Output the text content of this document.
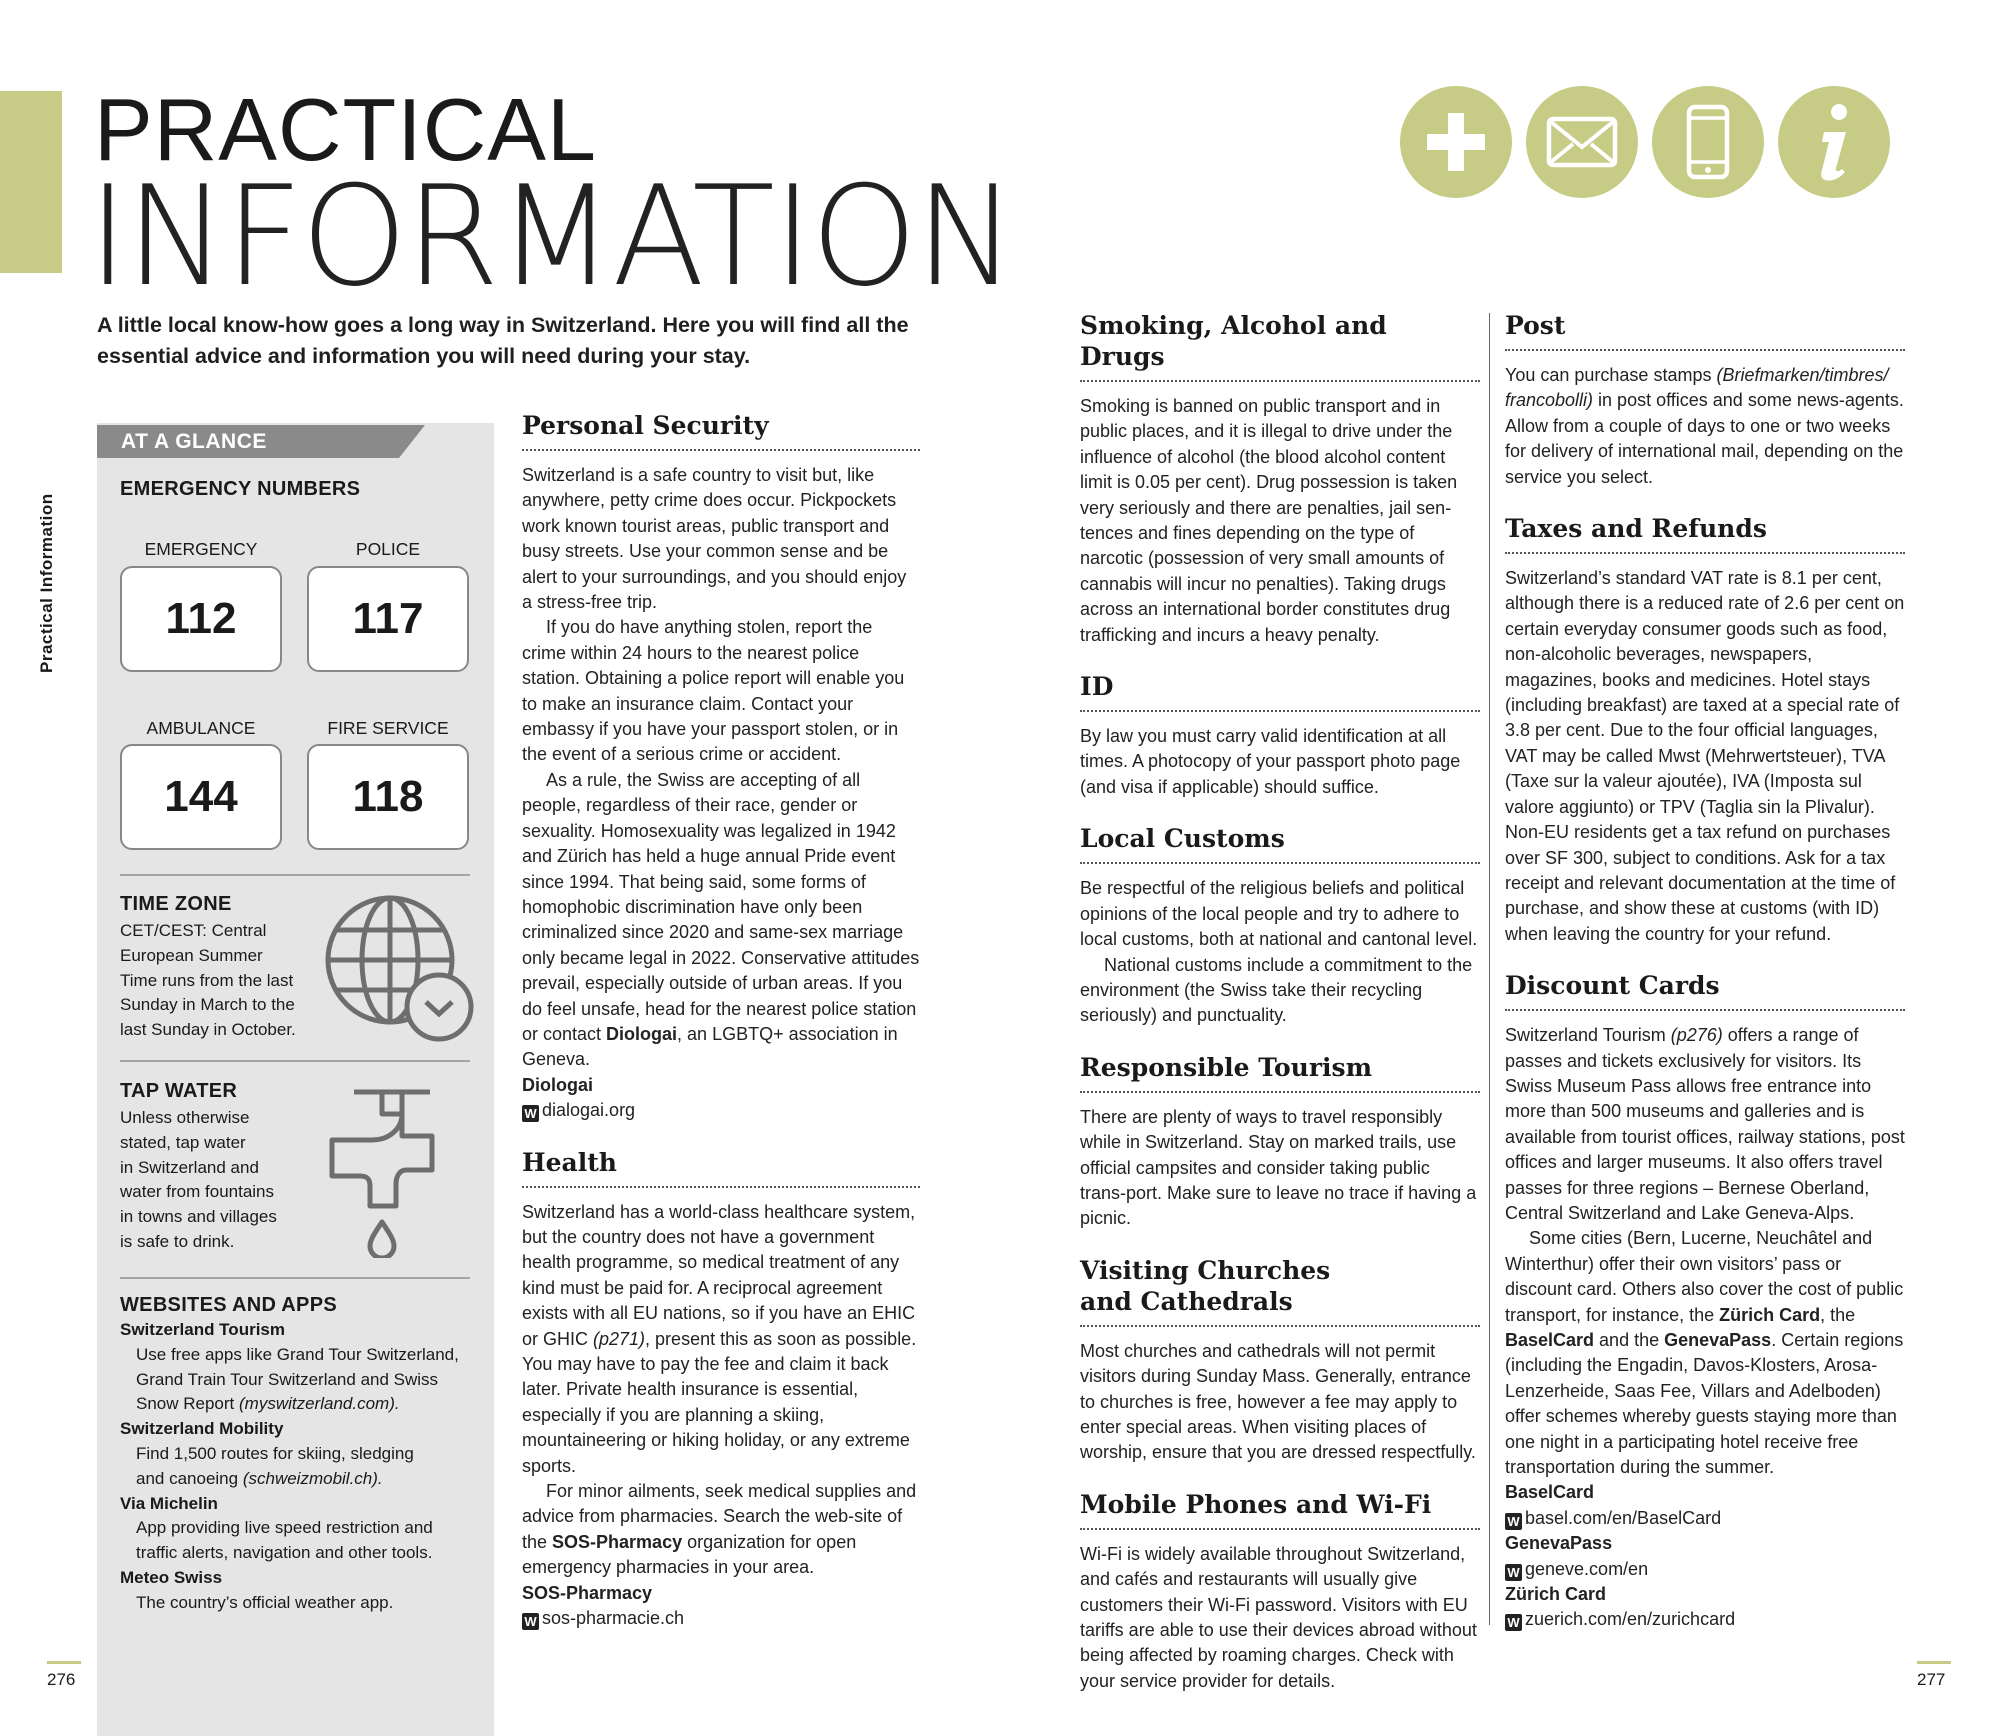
Practical Information
PRACTICAL
INFORMATION
A little local know-how goes a long way in Switzerland. Here you will find all the essential advice and information you will need during your stay.
AT A GLANCE
EMERGENCY NUMBERS
EMERGENCY	POLICE
112	117
AMBULANCE	FIRE SERVICE
144	118
TIME ZONE
CET/CEST: Central
European Summer
Time runs from the last
Sunday in March to the
last Sunday in October.
TAP WATER
Unless otherwise
stated, tap water
in Switzerland and
water from fountains
in towns and villages
is safe to drink.
WEBSITES AND APPS
Switzerland Tourism
Use free apps like Grand Tour Switzerland,
Grand Train Tour Switzerland and Swiss
Snow Report (myswitzerland.com).
Switzerland Mobility
Find 1,500 routes for skiing, sledging
and canoeing (schweizmobil.ch).
Via Michelin
App providing live speed restriction and
traffic alerts, navigation and other tools.
Meteo Swiss
The country’s official weather app.
276
Personal Security

Switzerland is a safe country to visit but, like anywhere, petty crime does occur. Pickpockets work known tourist areas, public transport and busy streets. Use your common sense and be alert to your surroundings, and you should enjoy a stress-free trip.

If you do have anything stolen, report the crime within 24 hours to the nearest police station. Obtaining a police report will enable you to make an insurance claim. Contact your embassy if you have your passport stolen, or in the event of a serious crime or accident.

As a rule, the Swiss are accepting of all people, regardless of their race, gender or sexuality. Homosexuality was legalized in 1942 and Zürich has held a huge annual Pride event since 1994. That being said, some forms of homophobic discrimination have only been criminalized since 2020 and same-sex marriage only became legal in 2022. Conservative attitudes prevail, especially outside of urban areas. If you do feel unsafe, head for the nearest police station or contact Diologai, an LGBTQ+ association in Geneva.

Diologai

W dialogai.org

Health

Switzerland has a world-class healthcare system, but the country does not have a government health programme, so medical treatment of any kind must be paid for. A reciprocal agreement exists with all EU nations, so if you have an EHIC or GHIC (p271), present this as soon as possible. You may have to pay the fee and claim it back later. Private health insurance is essential, especially if you are planning a skiing, mountaineering or hiking holiday, or any extreme sports.

For minor ailments, seek medical supplies and advice from pharmacies. Search the web-site of the SOS-Pharmacy organization for open emergency pharmacies in your area.

SOS-Pharmacy

W sos-pharmacie.ch

Smoking, Alcohol and Drugs

Smoking is banned on public transport and in public places, and it is illegal to drive under the influence of alcohol (the blood alcohol content limit is 0.05 per cent). Drug possession is taken very seriously and there are penalties, jail sen-tences and fines depending on the type of narcotic (possession of very small amounts of cannabis will incur no penalties). Taking drugs across an international border constitutes drug trafficking and incurs a heavy penalty.

ID

By law you must carry valid identification at all times. A photocopy of your passport photo page (and visa if applicable) should suffice.

Local Customs

Be respectful of the religious beliefs and political opinions of the local people and try to adhere to local customs, both at national and cantonal level.

National customs include a commitment to the environment (the Swiss take their recycling seriously) and punctuality.

Responsible Tourism

There are plenty of ways to travel responsibly while in Switzerland. Stay on marked trails, use official campsites and consider taking public trans-port. Make sure to leave no trace if having a picnic.

Visiting Churches
and Cathedrals

Most churches and cathedrals will not permit visitors during Sunday Mass. Generally, entrance to churches is free, however a fee may apply to enter special areas. When visiting places of worship, ensure that you are dressed respectfully.

Mobile Phones and Wi-Fi

Wi-Fi is widely available throughout Switzerland, and cafés and restaurants will usually give customers their Wi-Fi password. Visitors with EU tariffs are able to use their devices abroad without being affected by roaming charges. Check with your service provider for details.

Post

You can purchase stamps (Briefmarken/timbres/ francobolli) in post offices and some news-agents. Allow from a couple of days to one or two weeks for delivery of international mail, depending on the service you select.

Taxes and Refunds

Switzerland’s standard VAT rate is 8.1 per cent, although there is a reduced rate of 2.6 per cent on certain everyday consumer goods such as food, non-alcoholic beverages, newspapers, magazines, books and medicines. Hotel stays (including breakfast) are taxed at a special rate of 3.8 per cent. Due to the four official languages, VAT may be called Mwst (Mehrwertsteuer), TVA (Taxe sur la valeur ajoutée), IVA (Imposta sul valore aggiunto) or TPV (Taglia sin la Plivalur). Non-EU residents get a tax refund on purchases over SF 300, subject to conditions. Ask for a tax receipt and relevant documentation at the time of purchase, and show these at customs (with ID) when leaving the country for your refund.

Discount Cards

Switzerland Tourism (p276) offers a range of passes and tickets exclusively for visitors. Its Swiss Museum Pass allows free entrance into more than 500 museums and galleries and is available from tourist offices, railway stations, post offices and larger museums. It also offers travel passes for three regions – Bernese Oberland, Central Switzerland and Lake Geneva-Alps.

Some cities (Bern, Lucerne, Neuchâtel and Winterthur) offer their own visitors’ pass or discount card. Others also cover the cost of public transport, for instance, the Zürich Card, the BaselCard and the GenevaPass. Certain regions (including the Engadin, Davos-Klosters, Arosa-Lenzerheide, Saas Fee, Villars and Adelboden) offer schemes whereby guests staying more than one night in a participating hotel receive free transportation during the summer.

BaselCard

W basel.com/en/BaselCard

GenevaPass

W geneve.com/en

Zürich Card

W zuerich.com/en/zurichcard

277
